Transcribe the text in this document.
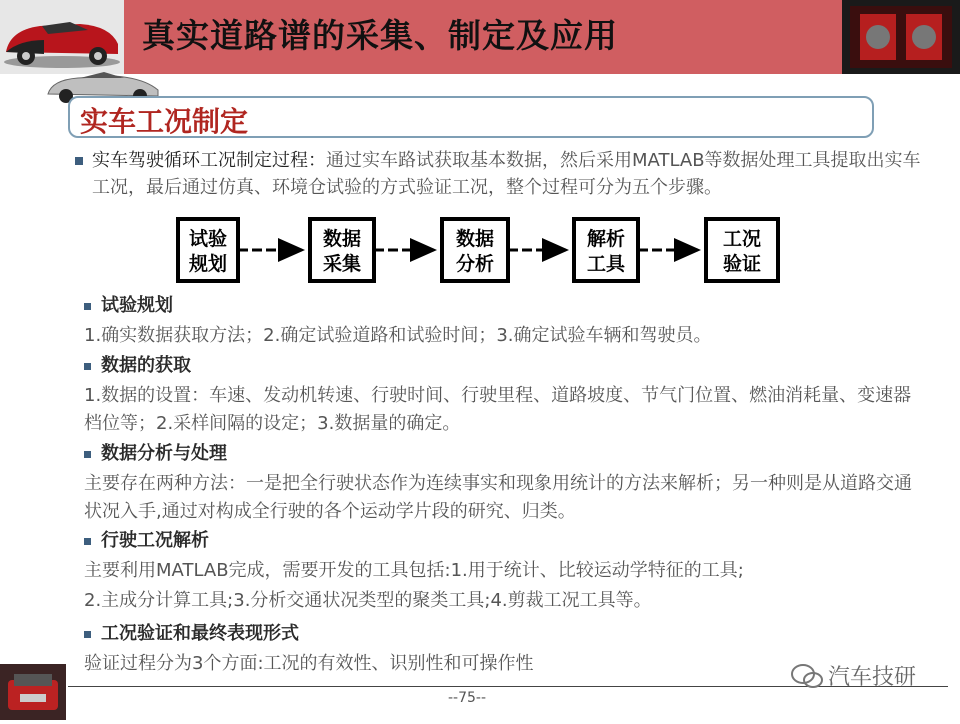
真实道路谱的采集、制定及应用
实车工况制定

实车驾驶循环工况制定过程：通过实车路试获取基本数据，然后采用MATLAB等数据处理工具提取出实车工况，最后通过仿真、环境仓试验的方式验证工况，整个过程可分为五个步骤。

试验
规划
数据
采集
数据
分析
解析
工具
工况
验证
试验规划
1.确实数据获取方法；2.确定试验道路和试验时间；3.确定试验车辆和驾驶员。
数据的获取
1.数据的设置：车速、发动机转速、行驶时间、行驶里程、道路坡度、节气门位置、燃油消耗量、变速器档位等；2.采样间隔的设定；3.数据量的确定。
数据分析与处理
主要存在两种方法：一是把全行驶状态作为连续事实和现象用统计的方法来解析；另一种则是从道路交通状况入手,通过对构成全行驶的各个运动学片段的研究、归类。
行驶工况解析
主要利用MATLAB完成，需要开发的工具包括:1.用于统计、比较运动学特征的工具;
2.主成分计算工具;3.分析交通状况类型的聚类工具;4.剪裁工况工具等。
工况验证和最终表现形式
验证过程分为3个方面:工况的有效性、识别性和可操作性
--75--
汽车技研
